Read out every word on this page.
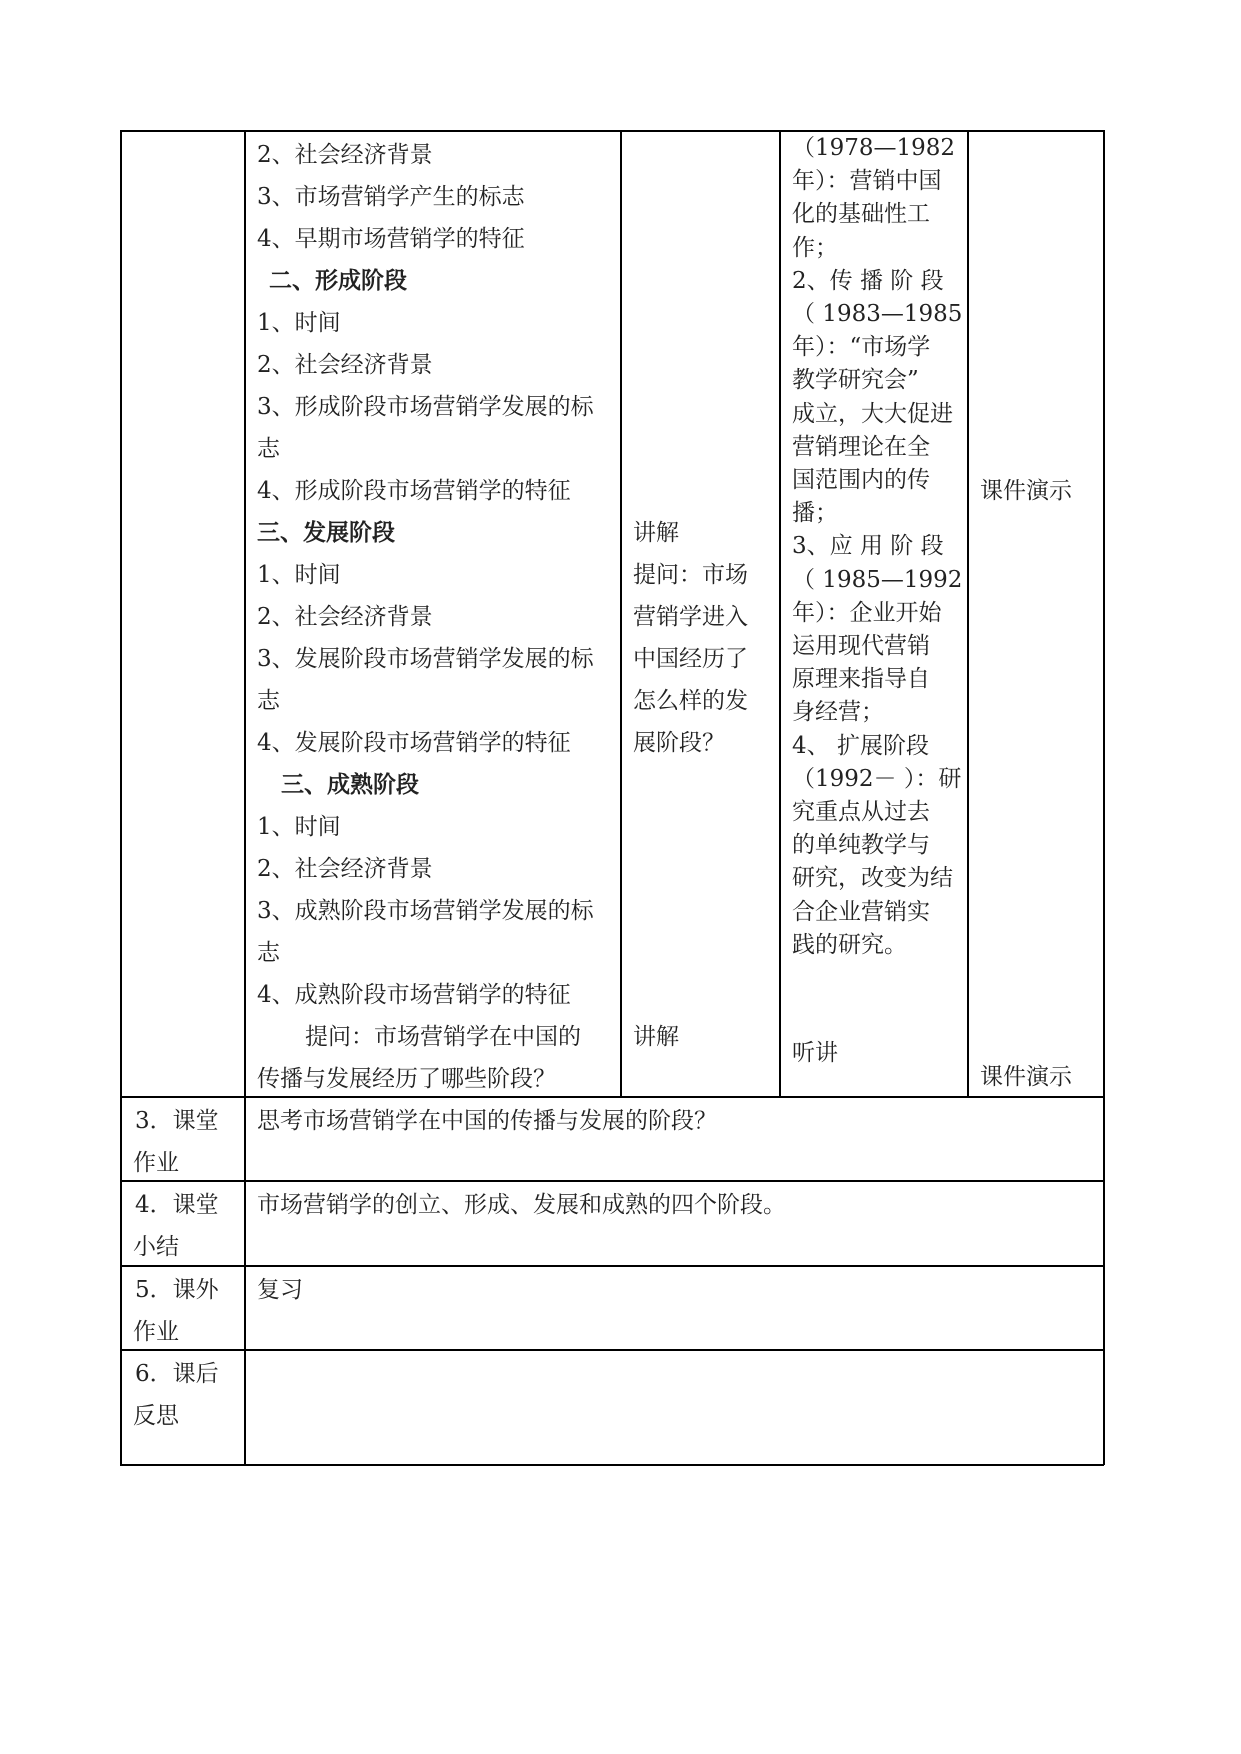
2、社会经济背景
3、市场营销学产生的标志
4、早期市场营销学的特征
二、形成阶段
1、时间
2、社会经济背景
3、形成阶段市场营销学发展的标
志
4、形成阶段市场营销学的特征
三、发展阶段
1、时间
2、社会经济背景
3、发展阶段市场营销学发展的标
志
4、发展阶段市场营销学的特征
三、成熟阶段
1、时间
2、社会经济背景
3、成熟阶段市场营销学发展的标
志
4、成熟阶段市场营销学的特征
提问：市场营销学在中国的
传播与发展经历了哪些阶段？
讲解
提问：市场
营销学进入
中国经历了
怎么样的发
展阶段？
讲解
（1978—1982
年）：营销中国
化的基础性工
作；
2、传 播 阶 段
（ 1983—1985
年）：“市场学
教学研究会”
成立，大大促进
营销理论在全
国范围内的传
播；
3、应 用 阶 段
（ 1985—1992
年）：企业开始
运用现代营销
原理来指导自
身经营；
4、 扩展阶段
（1992－ ）：研
究重点从过去
的单纯教学与
研究，改变为结
合企业营销实
践的研究。
听讲
课件演示
课件演示
3．课堂
作业
思考市场营销学在中国的传播与发展的阶段？
4．课堂
小结
市场营销学的创立、形成、发展和成熟的四个阶段。
5．课外
作业
复习
6．课后
反思
